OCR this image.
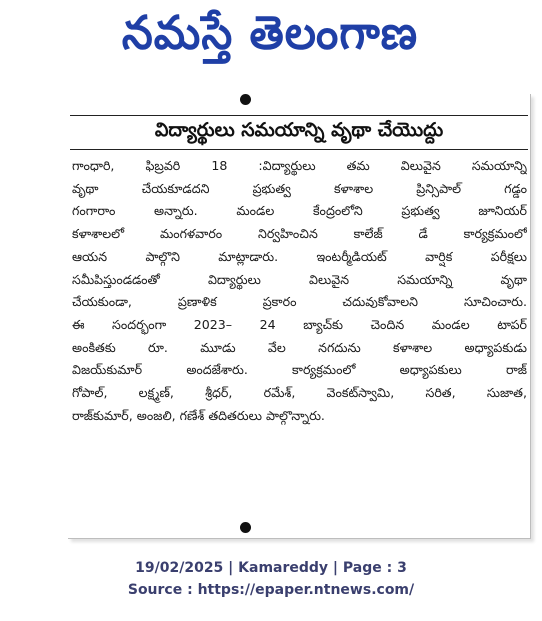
నమస్తే తెలంగాణ
విద్యార్థులు సమయాన్ని వృథా చేయొద్దు
గాంధారి, ఫిబ్రవరి 18 :విద్యార్థులు తమ విలువైన సమయాన్ని
వృథా చేయకూడదని ప్రభుత్వ కళాశాల ప్రిన్సిపాల్ గడ్డం
గంగారాం అన్నారు. మండల కేంద్రంలోని ప్రభుత్వ జూనియర్
కళాశాలలో మంగళవారం నిర్వహించిన కాలేజ్ డే కార్యక్రమంలో
ఆయన పాల్గొని మాట్లాడారు. ఇంటర్మీడియట్ వార్షిక పరీక్షలు
సమీపిస్తుండడంతో విద్యార్థులు విలువైన సమయాన్ని వృథా
చేయకుండా, ప్రణాళిక ప్రకారం చదువుకోవాలని సూచించారు.
ఈ సందర్భంగా 2023– 24 బ్యాచ్‌కు చెందిన మండల టాపర్
అంకితకు రూ. మూడు వేల నగదును కళాశాల అధ్యాపకుడు
విజయ్‌కుమార్ అందజేశారు. కార్యక్రమంలో అధ్యాపకులు రాజ్
గోపాల్, లక్ష్మణ్, శ్రీధర్, రమేశ్, వెంకట్‌స్వామి, సరిత, సుజాత,
రాజ్‌కుమార్, అంజలి, గణేశ్ తదితరులు పాల్గొన్నారు.
19/02/2025 | Kamareddy | Page : 3
Source : https://epaper.ntnews.com/
